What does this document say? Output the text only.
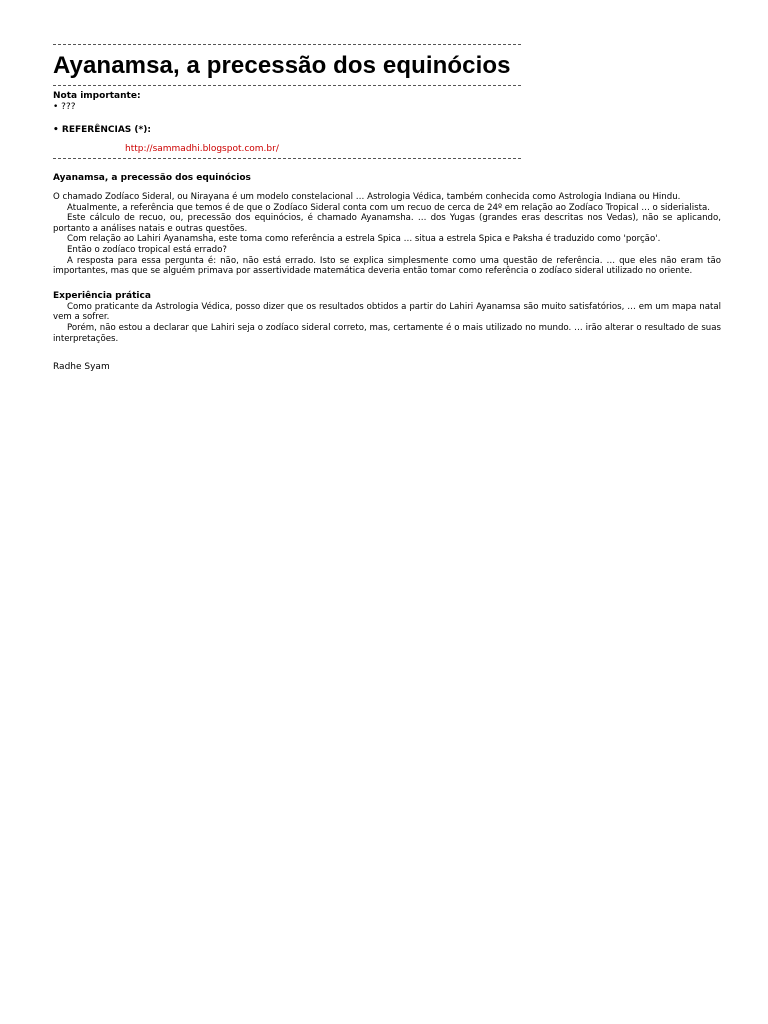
Ayanamsa, a precessão dos equinócios
Nota importante:
• ???
• REFERÊNCIAS (*):
http://sammadhi.blogspot.com.br/
Ayanamsa, a precessão dos equinócios

O chamado Zodíaco Sideral, ou Nirayana é um modelo constelacional … Astrologia Védica, também conhecida como Astrologia Indiana ou Hindu.

Atualmente, a referência que temos é de que o Zodíaco Sideral conta com um recuo de cerca de 24º em relação ao Zodíaco Tropical … o siderialista.

Este cálculo de recuo, ou, precessão dos equinócios, é chamado Ayanamsha. … dos Yugas (grandes eras descritas nos Vedas), não se aplicando, portanto a análises natais e outras questões.

Com relação ao Lahiri Ayanamsha, este toma como referência a estrela Spica … situa a estrela Spica e Paksha é traduzido como 'porção'.

Então o zodíaco tropical está errado?

A resposta para essa pergunta é: não, não está errado. Isto se explica simplesmente como uma questão de referência. … que eles não eram tão importantes, mas que se alguém primava por assertividade matemática deveria então tomar como referência o zodíaco sideral utilizado no oriente.

Experiência prática

Como praticante da Astrologia Védica, posso dizer que os resultados obtidos a partir do Lahiri Ayanamsa são muito satisfatórios, … em um mapa natal vem a sofrer.

Porém, não estou a declarar que Lahiri seja o zodíaco sideral correto, mas, certamente é o mais utilizado no mundo. … irão alterar o resultado de suas interpretações.

Radhe Syam
